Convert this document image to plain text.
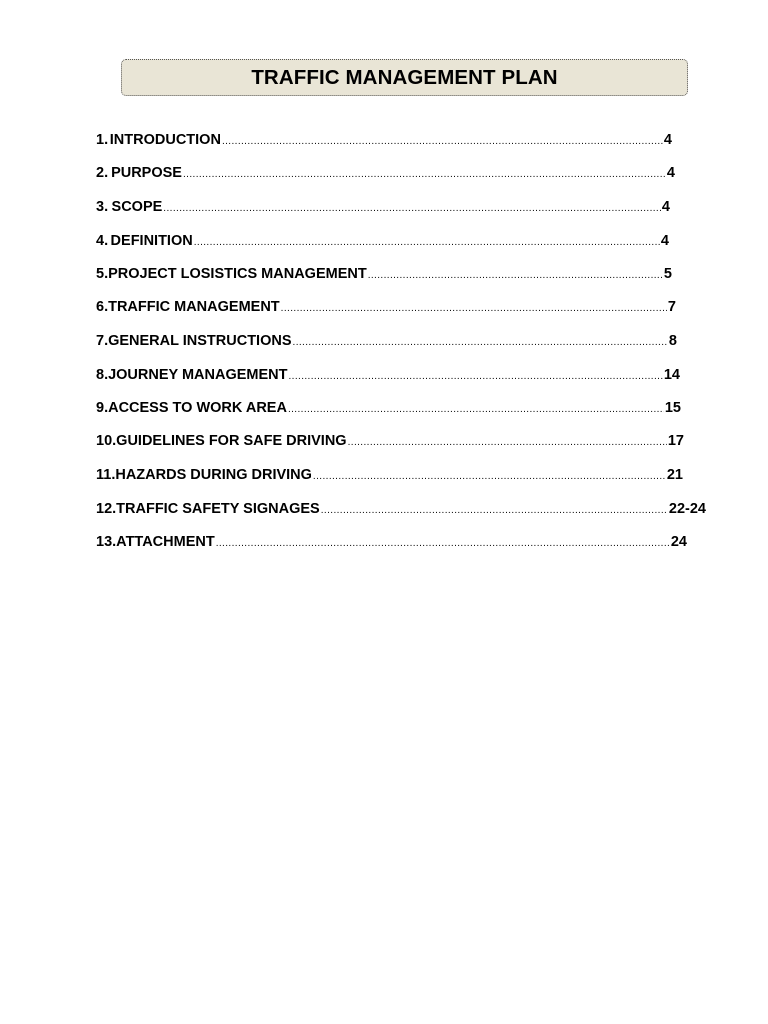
TRAFFIC MANAGEMENT PLAN
1. INTRODUCTION .....	4
2. PURPOSE .....	4
3. SCOPE .....	4
4. DEFINITION .....	4
5. PROJECT LOSISTICS MANAGEMENT .....	5
6. TRAFFIC MANAGEMENT .....	7
7. GENERAL INSTRUCTIONS .....	8
8. JOURNEY MANAGEMENT .....	14
9. ACCESS TO WORK AREA .....	15
10. GUIDELINES FOR SAFE DRIVING .....	17
11. HAZARDS DURING DRIVING .....	21
12. TRAFFIC SAFETY SIGNAGES .....	22-24
13. ATTACHMENT .....	24
